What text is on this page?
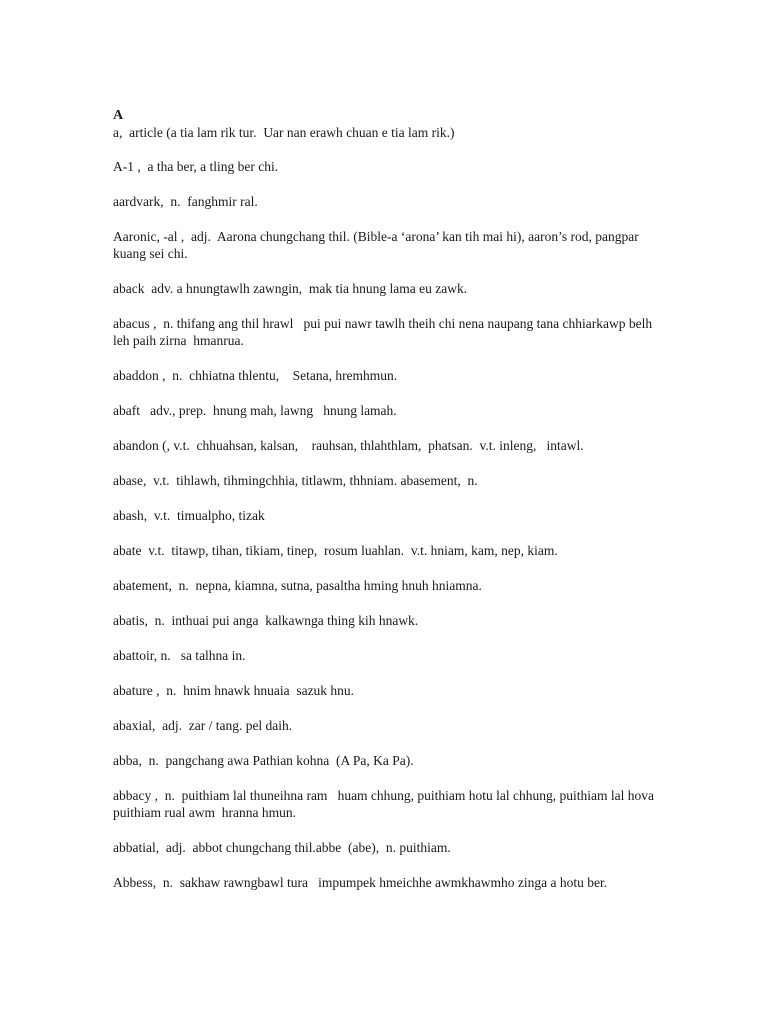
A

a,  article (a tia lam rik tur.  Uar nan erawh chuan e tia lam rik.)

A-1 ,  a tha ber, a tling ber chi.

aardvark,  n.  fanghmir ral.

Aaronic, -al ,  adj.  Aarona chungchang thil. (Bible-a ‘arona’ kan tih mai hi), aaron’s rod, pangpar kuang sei chi.

aback  adv. a hnungtawlh zawngin,  mak tia hnung lama eu zawk.

abacus ,  n. thifang ang thil hrawl   pui pui nawr tawlh theih chi nena naupang tana chhiarkawp belh leh paih zirna  hmanrua.

abaddon ,  n.  chhiatna thlentu,    Setana, hremhmun.

abaft   adv., prep.  hnung mah, lawng   hnung lamah.

abandon (, v.t.  chhuahsan, kalsan,    rauhsan, thlahthlam,  phatsan.  v.t. inleng,   intawl.

abase,  v.t.  tihlawh, tihmingchhia, titlawm, thhniam. abasement,  n.

abash,  v.t.  timualpho, tizak

abate  v.t.  titawp, tihan, tikiam, tinep,  rosum luahlan.  v.t. hniam, kam, nep, kiam.

abatement,  n.  nepna, kiamna, sutna, pasaltha hming hnuh hniamna.

abatis,  n.  inthuai pui anga  kalkawnga thing kih hnawk.

abattoir, n.   sa talhna in.

abature ,  n.  hnim hnawk hnuaia  sazuk hnu.

abaxial,  adj.  zar / tang. pel daih.

abba,  n.  pangchang awa Pathian kohna  (A Pa, Ka Pa).

abbacy ,  n.  puithiam lal thuneihna ram   huam chhung, puithiam hotu lal chhung, puithiam lal hova puithiam rual awm  hranna hmun.

abbatial,  adj.  abbot chungchang thil.abbe  (abe),  n. puithiam.

Abbess,  n.  sakhaw rawngbawl tura   impumpek hmeichhe awmkhawmho zinga a hotu ber.
